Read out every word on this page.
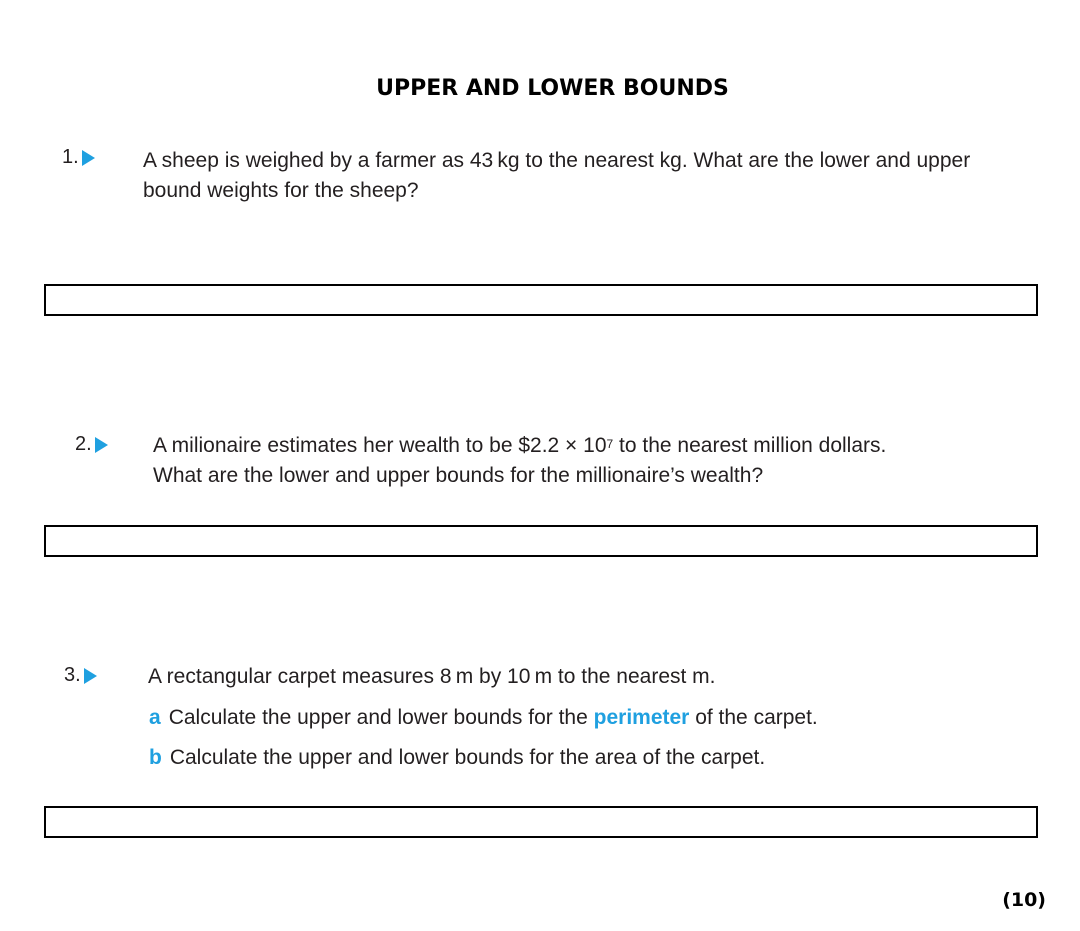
UPPER AND LOWER BOUNDS
1.	A sheep is weighed by a farmer as 43 kg to the nearest kg. What are the lower and upper
bound weights for the sheep?
2.	A milionaire estimates her wealth to be $2.2 × $10^7$ to the nearest million dollars.
What are the lower and upper bounds for the millionaire’s wealth?
3.	A rectangular carpet measures 8 m by 10 m to the nearest m.
a Calculate the upper and lower bounds for the perimeter of the carpet.
b Calculate the upper and lower bounds for the area of the carpet.
(10)
